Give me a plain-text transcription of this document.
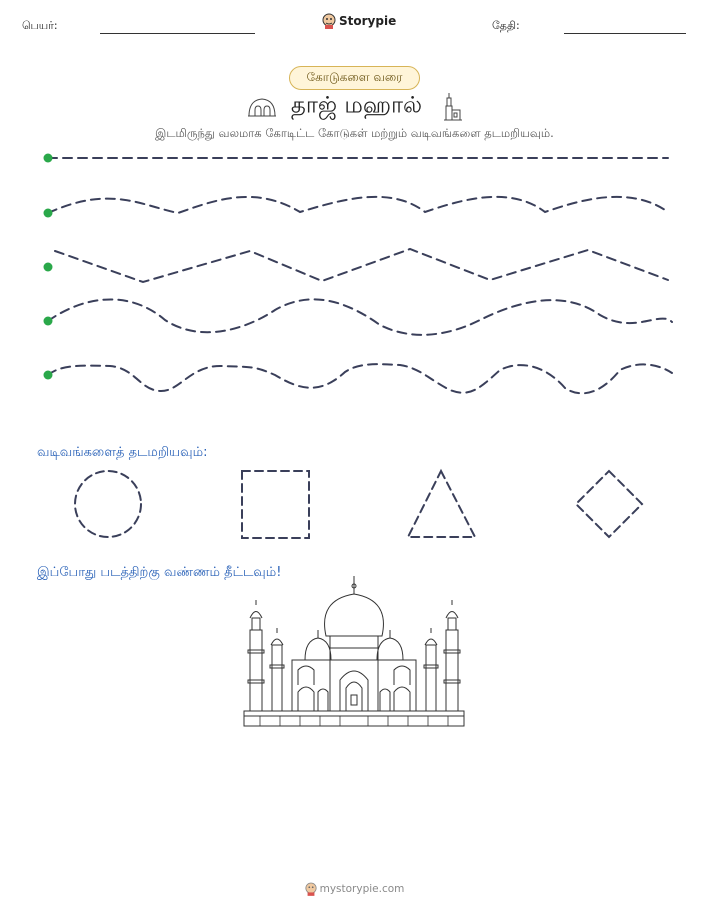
பெயர்:	Storypie	தேதி:
கோடுகளை வரை
தாஜ் மஹால்
இடமிருந்து வலமாக கோடிட்ட கோடுகள் மற்றும் வடிவங்களை தடமறியவும்.
வடிவங்களைத் தடமறியவும்:
இப்போது படத்திற்கு வண்ணம் தீட்டவும்!
mystorypie.com
